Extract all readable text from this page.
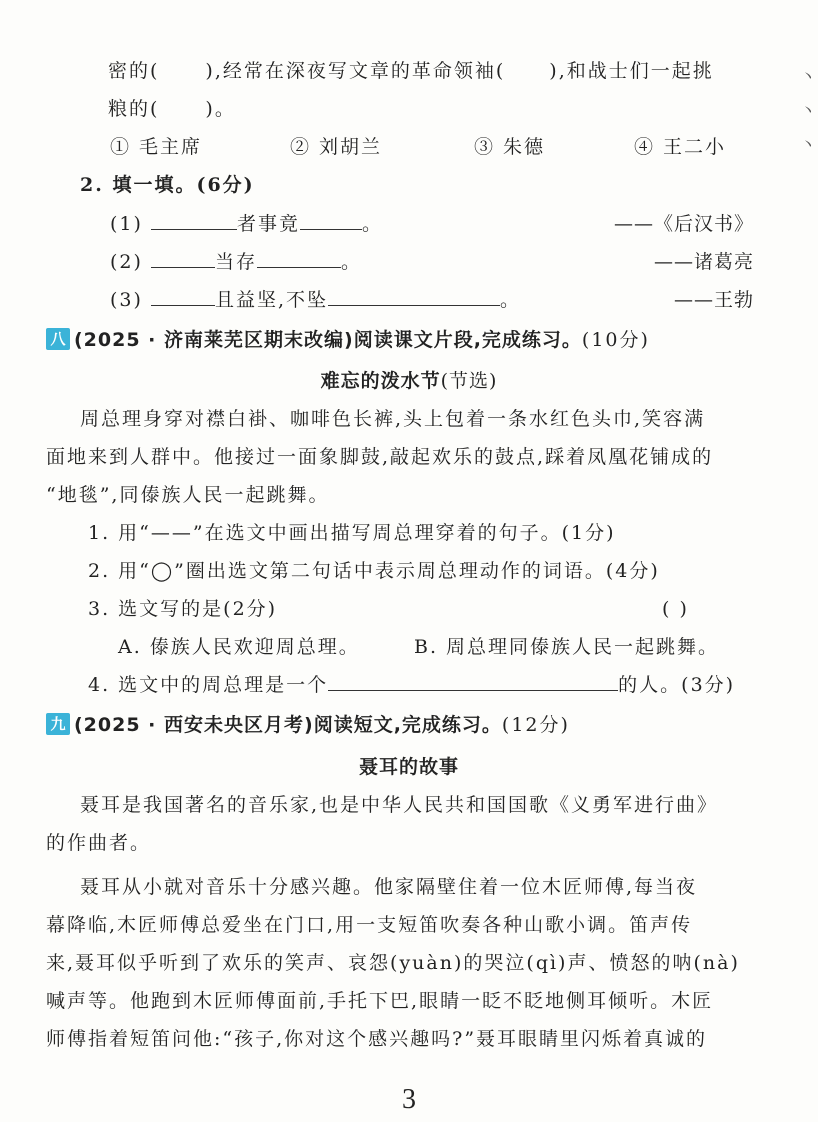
密的( ),经常在深夜写文章的革命领袖( ),和战士们一起挑
粮的( )。
① 毛主席	② 刘胡兰	③ 朱德	④ 王二小
2. 填一填。(6分)
(1)	者事竟	。	——《后汉书》
(2)	当存	。	——诸葛亮
(3)	且益坚,不坠	。	——王勃
八 (2025 · 济南莱芜区期末改编)阅读课文片段,完成练习。(10分)
难忘的泼水节(节选)
周总理身穿对襟白褂、咖啡色长裤,头上包着一条水红色头巾,笑容满
面地来到人群中。他接过一面象脚鼓,敲起欢乐的鼓点,踩着凤凰花铺成的
“地毯”,同傣族人民一起跳舞。
1. 用“——”在选文中画出描写周总理穿着的句子。(1分)
2. 用“◯”圈出选文第二句话中表示周总理动作的词语。(4分)
3. 选文写的是(2分)	( )
A. 傣族人民欢迎周总理。	B. 周总理同傣族人民一起跳舞。
4. 选文中的周总理是一个	的人。(3分)
九 (2025 · 西安未央区月考)阅读短文,完成练习。(12分)
聂耳的故事
聂耳是我国著名的音乐家,也是中华人民共和国国歌《义勇军进行曲》
的作曲者。
聂耳从小就对音乐十分感兴趣。他家隔壁住着一位木匠师傅,每当夜
幕降临,木匠师傅总爱坐在门口,用一支短笛吹奏各种山歌小调。笛声传
来,聂耳似乎听到了欢乐的笑声、哀怨(yuàn)的哭泣(qì)声、愤怒的呐(nà)
喊声等。他跑到木匠师傅面前,手托下巴,眼睛一眨不眨地侧耳倾听。木匠
师傅指着短笛问他:“孩子,你对这个感兴趣吗?”聂耳眼睛里闪烁着真诚的
3
丶
丶
丶
